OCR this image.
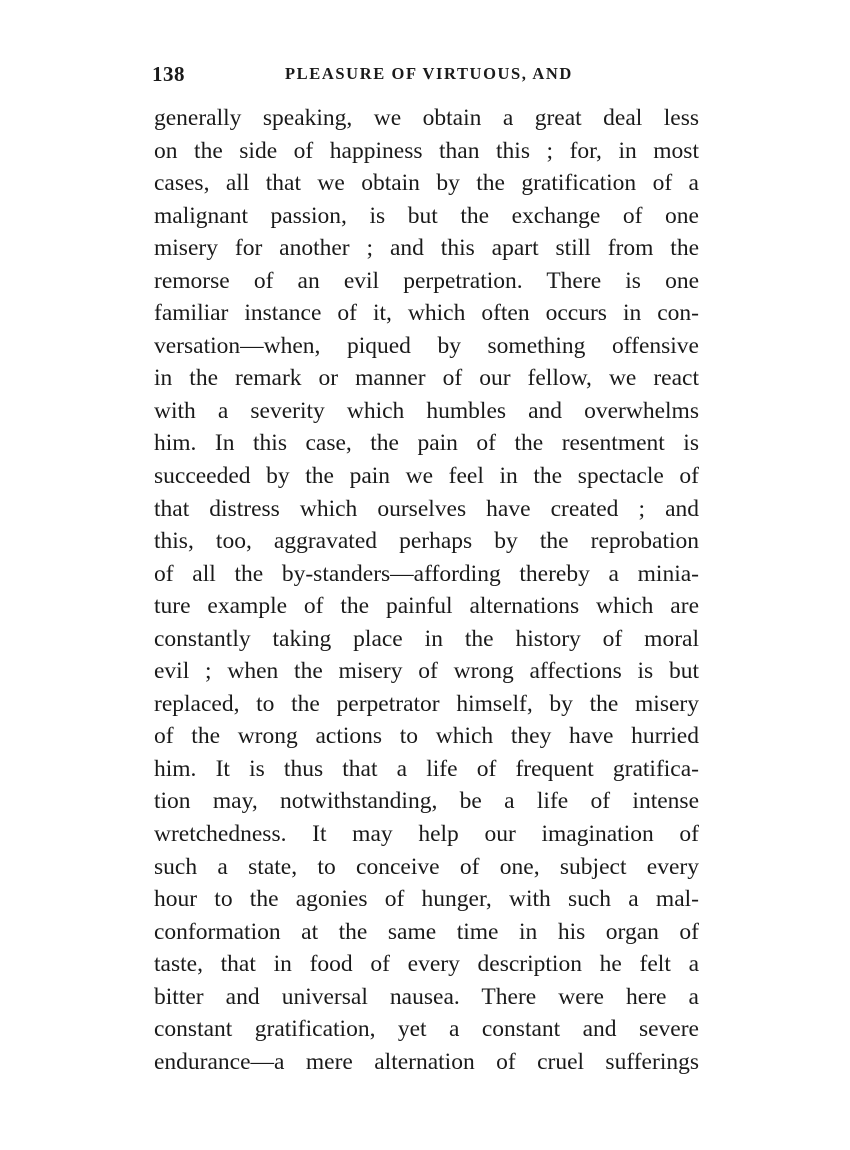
138	PLEASURE OF VIRTUOUS, AND
generally speaking, we obtain a great deal less
on the side of happiness than this ; for, in most
cases, all that we obtain by the gratification of a
malignant passion, is but the exchange of one
misery for another ; and this apart still from the
remorse of an evil perpetration. There is one
familiar instance of it, which often occurs in con-
versation—when, piqued by something offensive
in the remark or manner of our fellow, we react
with a severity which humbles and overwhelms
him. In this case, the pain of the resentment is
succeeded by the pain we feel in the spectacle of
that distress which ourselves have created ; and
this, too, aggravated perhaps by the reprobation
of all the by-standers—affording thereby a minia-
ture example of the painful alternations which are
constantly taking place in the history of moral
evil ; when the misery of wrong affections is but
replaced, to the perpetrator himself, by the misery
of the wrong actions to which they have hurried
him. It is thus that a life of frequent gratifica-
tion may, notwithstanding, be a life of intense
wretchedness. It may help our imagination of
such a state, to conceive of one, subject every
hour to the agonies of hunger, with such a mal-
conformation at the same time in his organ of
taste, that in food of every description he felt a
bitter and universal nausea. There were here a
constant gratification, yet a constant and severe
endurance—a mere alternation of cruel sufferings
